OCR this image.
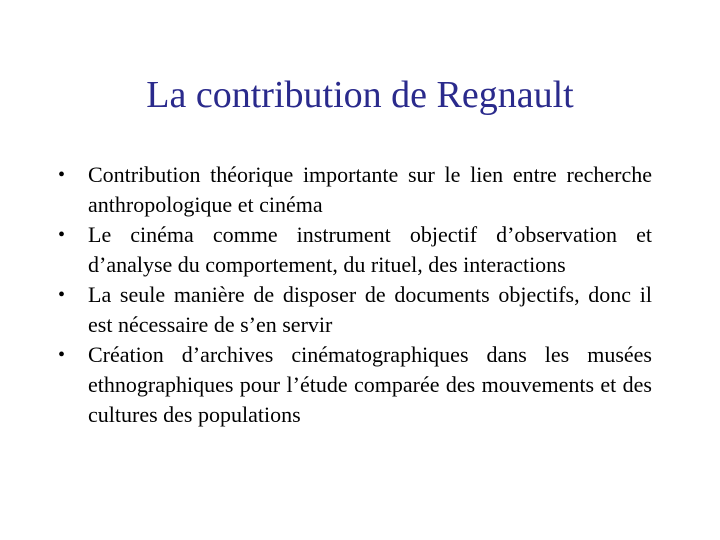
La contribution de Regnault
•	Contribution théorique importante sur le lien entre recherche anthropologique et cinéma
•	Le cinéma comme instrument objectif d’observation et d’analyse du comportement, du rituel, des interactions
•	La seule manière de disposer de documents objectifs, donc il est nécessaire de s’en servir
•	Création d’archives cinématographiques dans les musées ethnographiques pour l’étude comparée des mouvements et des cultures des populations
